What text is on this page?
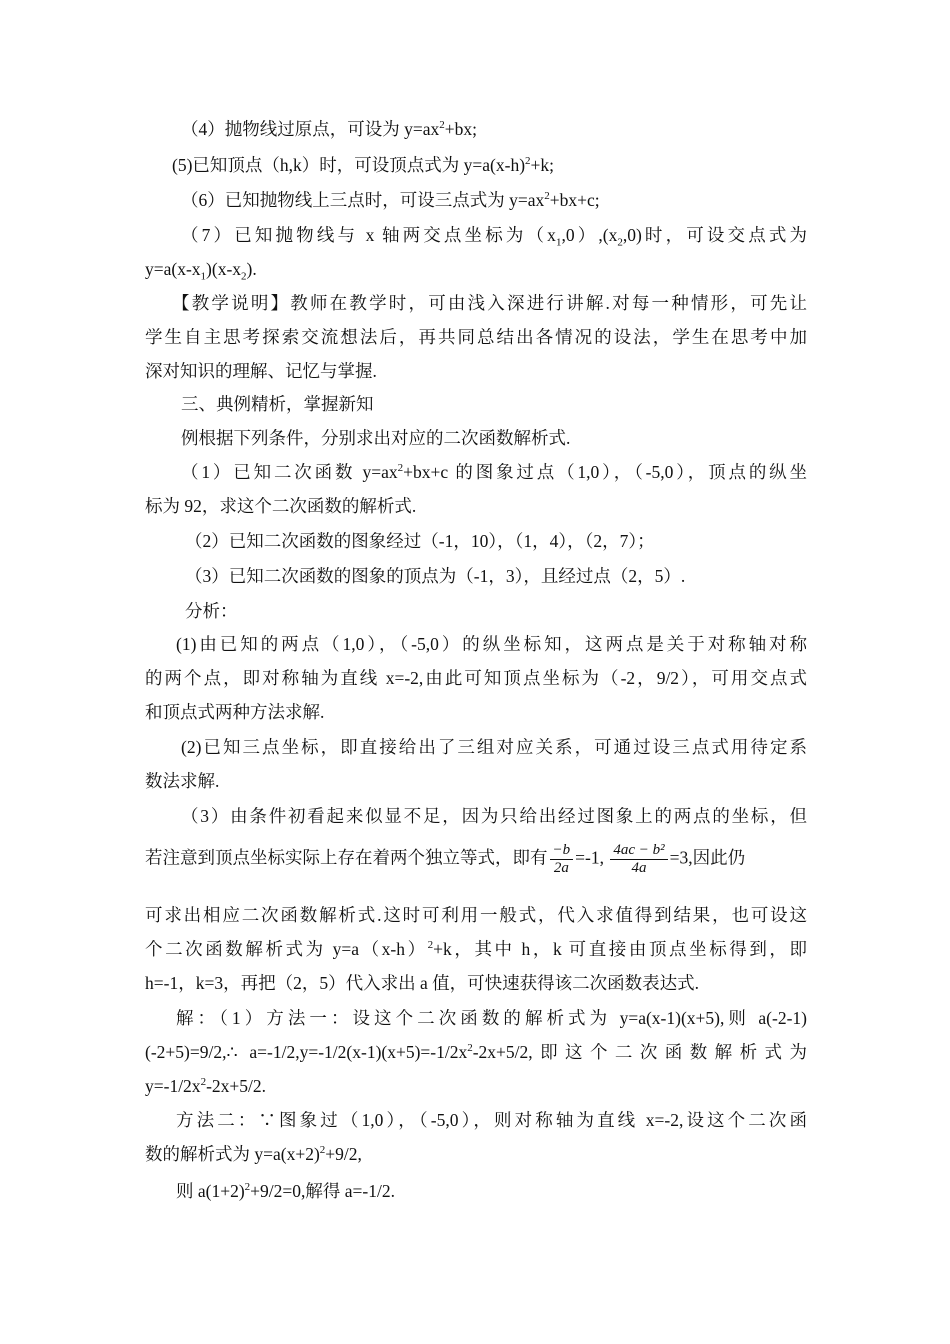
（4）抛物线过原点，可设为 $y=ax^2+bx$;
(5)已知顶点（h,k）时，可设顶点式为 $y=a(x-h)^2+k$;
（6）已知抛物线上三点时，可设三点式为 $y=ax^2+bx+c$;
（7）已知抛物线与 x 轴两交点坐标为$(x_1,0),(x_2,0)$时，可设交点式为
$y=a(x-x_1)(x-x_2)$.
【教学说明】教师在教学时，可由浅入深进行讲解.对每一种情形，可先让
学生自主思考探索交流想法后，再共同总结出各情况的设法，学生在思考中加
深对知识的理解、记忆与掌握.
三、典例精析，掌握新知
例根据下列条件，分别求出对应的二次函数解析式.
（1）已知二次函数 $y=ax^2+bx+c$ 的图象过点（1,0），（-5,0），顶点的纵坐
标为 92，求这个二次函数的解析式.
（2）已知二次函数的图象经过（-1，10），（1，4），（2，7）；
（3）已知二次函数的图象的顶点为（-1，3），且经过点（2，5）.
分析：
(1)由已知的两点（1,0），（-5,0）的纵坐标知，这两点是关于对称轴对称
的两个点，即对称轴为直线 x=-2,由此可知顶点坐标为（-2，9/2），可用交点式
和顶点式两种方法求解.
(2)已知三点坐标，即直接给出了三组对应关系，可通过设三点式用待定系
数法求解.
（3）由条件初看起来似显不足，因为只给出经过图象上的两点的坐标，但
若注意到顶点坐标实际上存在着两个独立等式，即有 $\frac{-b}{2a} =-1$, $\frac{\text{4ac − b²}}{4a} =3$,因此仍
可求出相应二次函数解析式.这时可利用一般式，代入求值得到结果，也可设这
个二次函数解析式为 $y=a(x-h)^2+k$，其中 h，k 可直接由顶点坐标得到，即
h=-1，k=3，再把（2，5）代入求出 a 值，可快速获得该二次函数表达式.
解：（1）方法一：设这个二次函数的解析式为 y=a(x-1)(x+5),则 a(-2-1)
(-2+5)=9/2,∴ $a=-1/2,y=-1/2(x-1)(x+5)=-1/2x^2-2x+5/2$,即这个二次函数解析式为
$y=-1/2x^2-2x+5/2$.
方法二：∵图象过（1,0），（-5,0），则对称轴为直线 x=-2,设这个二次函
数的解析式为 $y=a(x+2)^2+9/2$,
则 $a(1+2)^2+9/2=0$,解得 a=-1/2.
